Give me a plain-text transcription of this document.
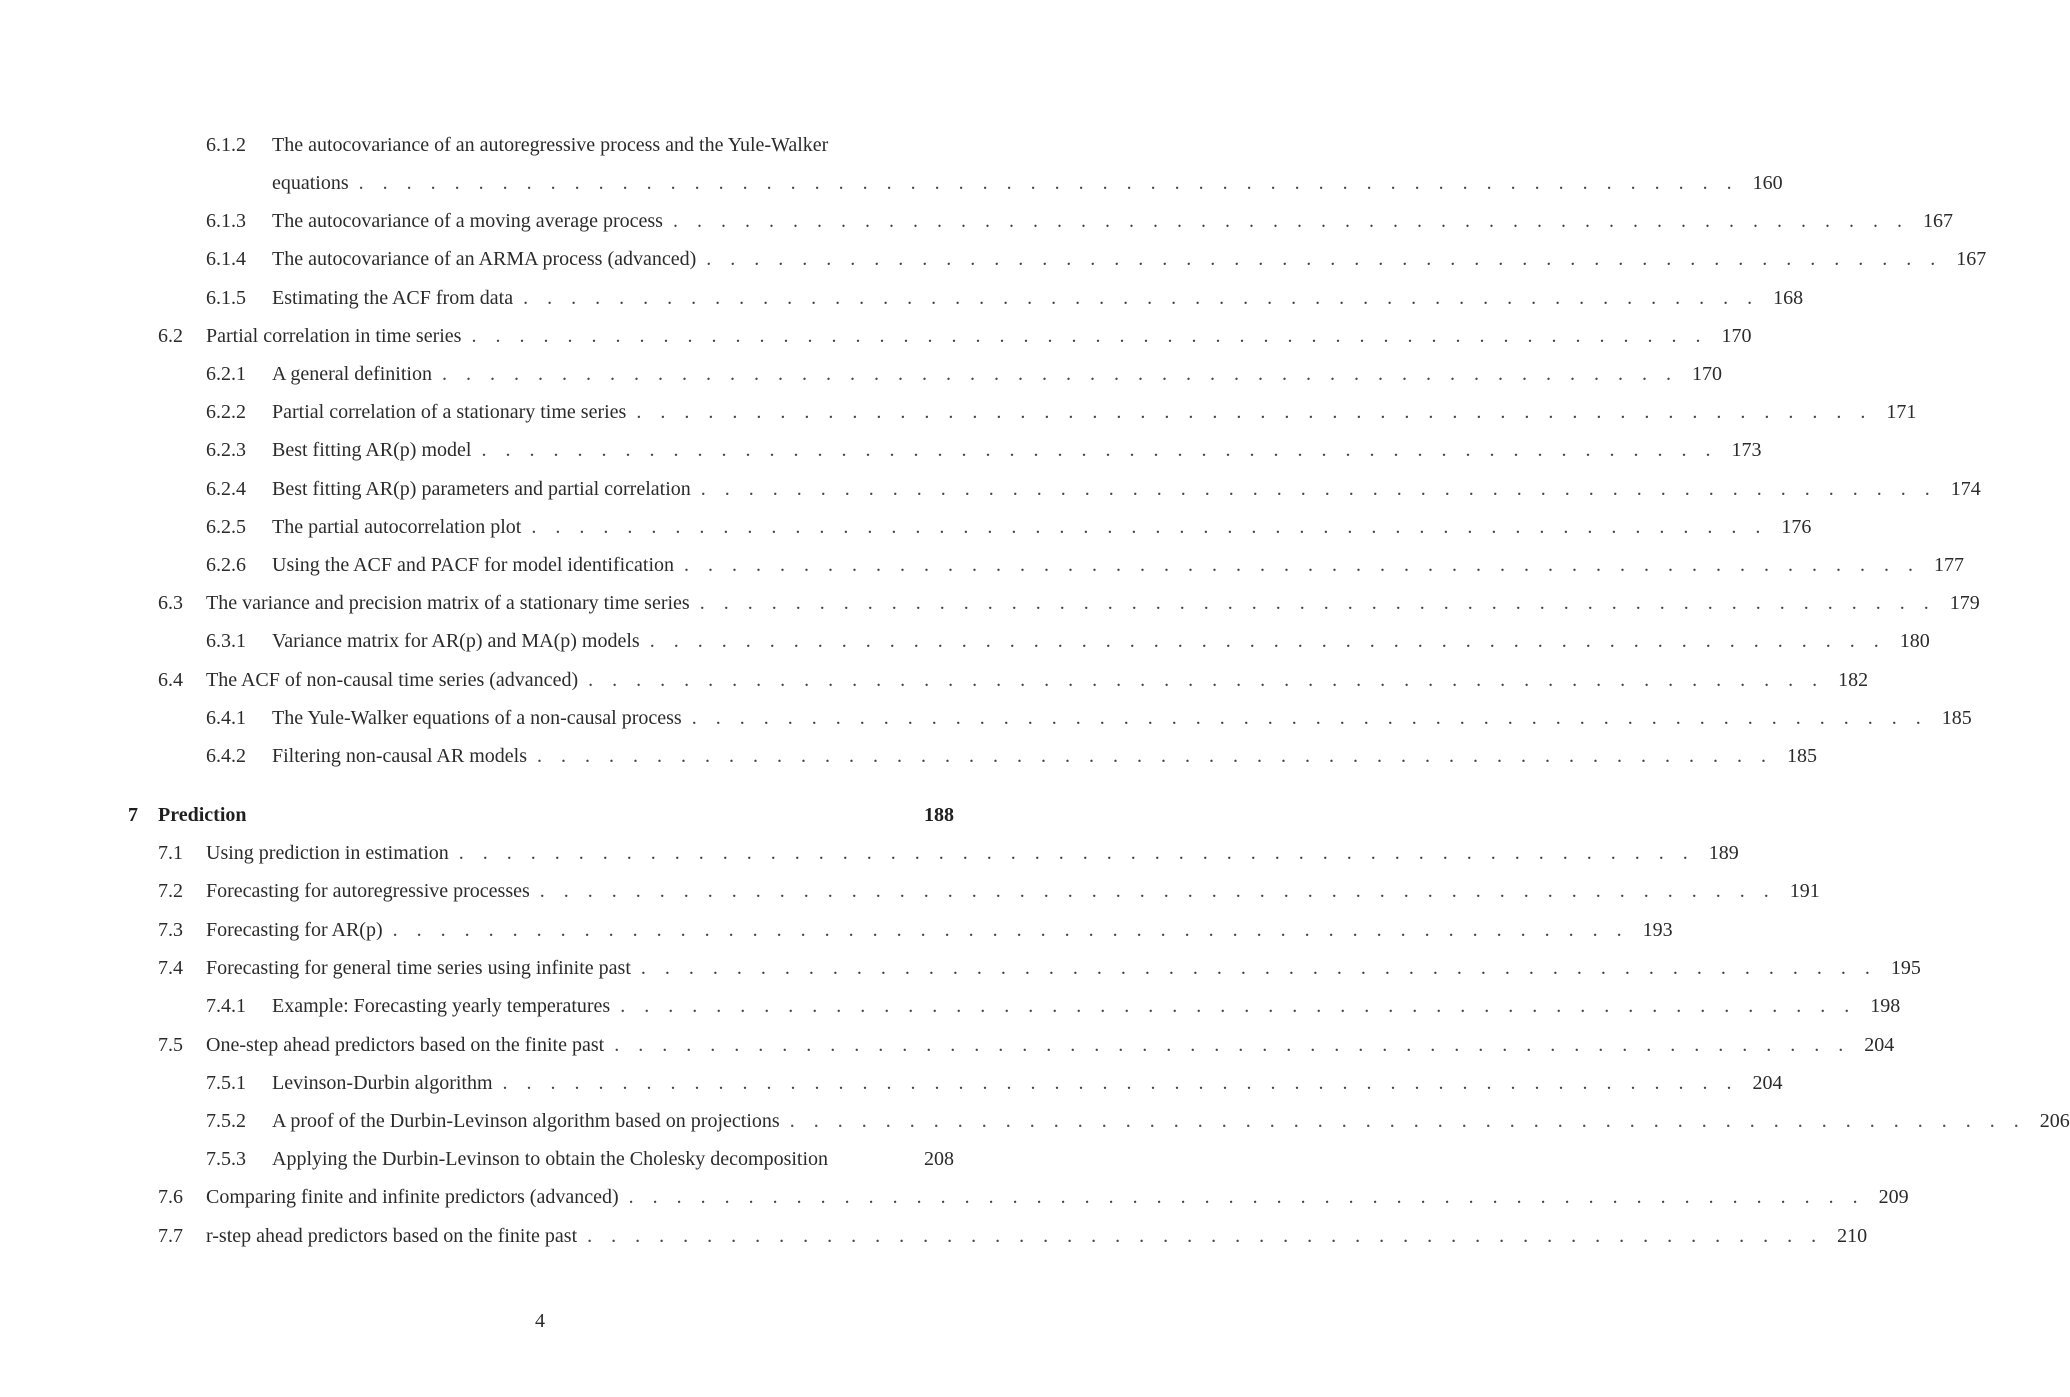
6.1.2	The autocovariance of an autoregressive process and the Yule-Walker
equations . . . . . . . . . . . . . . . . . . . . . . . . . . . . . . . . . . . . . . . . . . . . . . . . . . . . . . . . . . 160
6.1.3	The autocovariance of a moving average process . . . . . . . . . . . . . . . . . . . . . . . . . . . . . . . . . . . . . . . . . . . . . . . . . . . . 167
6.1.4	The autocovariance of an ARMA process (advanced) . . . . . . . . . . . . . . . . . . . . . . . . . . . . . . . . . . . . . . . . . . . . . . . . . . . . 167
6.1.5	Estimating the ACF from data . . . . . . . . . . . . . . . . . . . . . . . . . . . . . . . . . . . . . . . . . . . . . . . . . . . . 168
6.2	Partial correlation in time series . . . . . . . . . . . . . . . . . . . . . . . . . . . . . . . . . . . . . . . . . . . . . . . . . . . . 170
6.2.1	A general definition . . . . . . . . . . . . . . . . . . . . . . . . . . . . . . . . . . . . . . . . . . . . . . . . . . . . 170
6.2.2	Partial correlation of a stationary time series . . . . . . . . . . . . . . . . . . . . . . . . . . . . . . . . . . . . . . . . . . . . . . . . . . . . 171
6.2.3	Best fitting AR(p) model . . . . . . . . . . . . . . . . . . . . . . . . . . . . . . . . . . . . . . . . . . . . . . . . . . . . 173
6.2.4	Best fitting AR(p) parameters and partial correlation . . . . . . . . . . . . . . . . . . . . . . . . . . . . . . . . . . . . . . . . . . . . . . . . . . . . 174
6.2.5	The partial autocorrelation plot . . . . . . . . . . . . . . . . . . . . . . . . . . . . . . . . . . . . . . . . . . . . . . . . . . . . 176
6.2.6	Using the ACF and PACF for model identification . . . . . . . . . . . . . . . . . . . . . . . . . . . . . . . . . . . . . . . . . . . . . . . . . . . . 177
6.3	The variance and precision matrix of a stationary time series . . . . . . . . . . . . . . . . . . . . . . . . . . . . . . . . . . . . . . . . . . . . . . . . . . . . 179
6.3.1	Variance matrix for AR(p) and MA(p) models . . . . . . . . . . . . . . . . . . . . . . . . . . . . . . . . . . . . . . . . . . . . . . . . . . . . 180
6.4	The ACF of non-causal time series (advanced) . . . . . . . . . . . . . . . . . . . . . . . . . . . . . . . . . . . . . . . . . . . . . . . . . . . . 182
6.4.1	The Yule-Walker equations of a non-causal process . . . . . . . . . . . . . . . . . . . . . . . . . . . . . . . . . . . . . . . . . . . . . . . . . . . . 185
6.4.2	Filtering non-causal AR models . . . . . . . . . . . . . . . . . . . . . . . . . . . . . . . . . . . . . . . . . . . . . . . . . . . . 185
7	Prediction	188
7.1	Using prediction in estimation . . . . . . . . . . . . . . . . . . . . . . . . . . . . . . . . . . . . . . . . . . . . . . . . . . . . 189
7.2	Forecasting for autoregressive processes . . . . . . . . . . . . . . . . . . . . . . . . . . . . . . . . . . . . . . . . . . . . . . . . . . . . 191
7.3	Forecasting for AR(p) . . . . . . . . . . . . . . . . . . . . . . . . . . . . . . . . . . . . . . . . . . . . . . . . . . . . 193
7.4	Forecasting for general time series using infinite past . . . . . . . . . . . . . . . . . . . . . . . . . . . . . . . . . . . . . . . . . . . . . . . . . . . . 195
7.4.1	Example: Forecasting yearly temperatures . . . . . . . . . . . . . . . . . . . . . . . . . . . . . . . . . . . . . . . . . . . . . . . . . . . . 198
7.5	One-step ahead predictors based on the finite past . . . . . . . . . . . . . . . . . . . . . . . . . . . . . . . . . . . . . . . . . . . . . . . . . . . . 204
7.5.1	Levinson-Durbin algorithm . . . . . . . . . . . . . . . . . . . . . . . . . . . . . . . . . . . . . . . . . . . . . . . . . . . . 204
7.5.2	A proof of the Durbin-Levinson algorithm based on projections . . . . . . . . . . . . . . . . . . . . . . . . . . . . . . . . . . . . . . . . . . . . . . . . . . . . 206
7.5.3	Applying the Durbin-Levinson to obtain the Cholesky decomposition	208
7.6	Comparing finite and infinite predictors (advanced) . . . . . . . . . . . . . . . . . . . . . . . . . . . . . . . . . . . . . . . . . . . . . . . . . . . . 209
7.7	r-step ahead predictors based on the finite past . . . . . . . . . . . . . . . . . . . . . . . . . . . . . . . . . . . . . . . . . . . . . . . . . . . . 210
4
